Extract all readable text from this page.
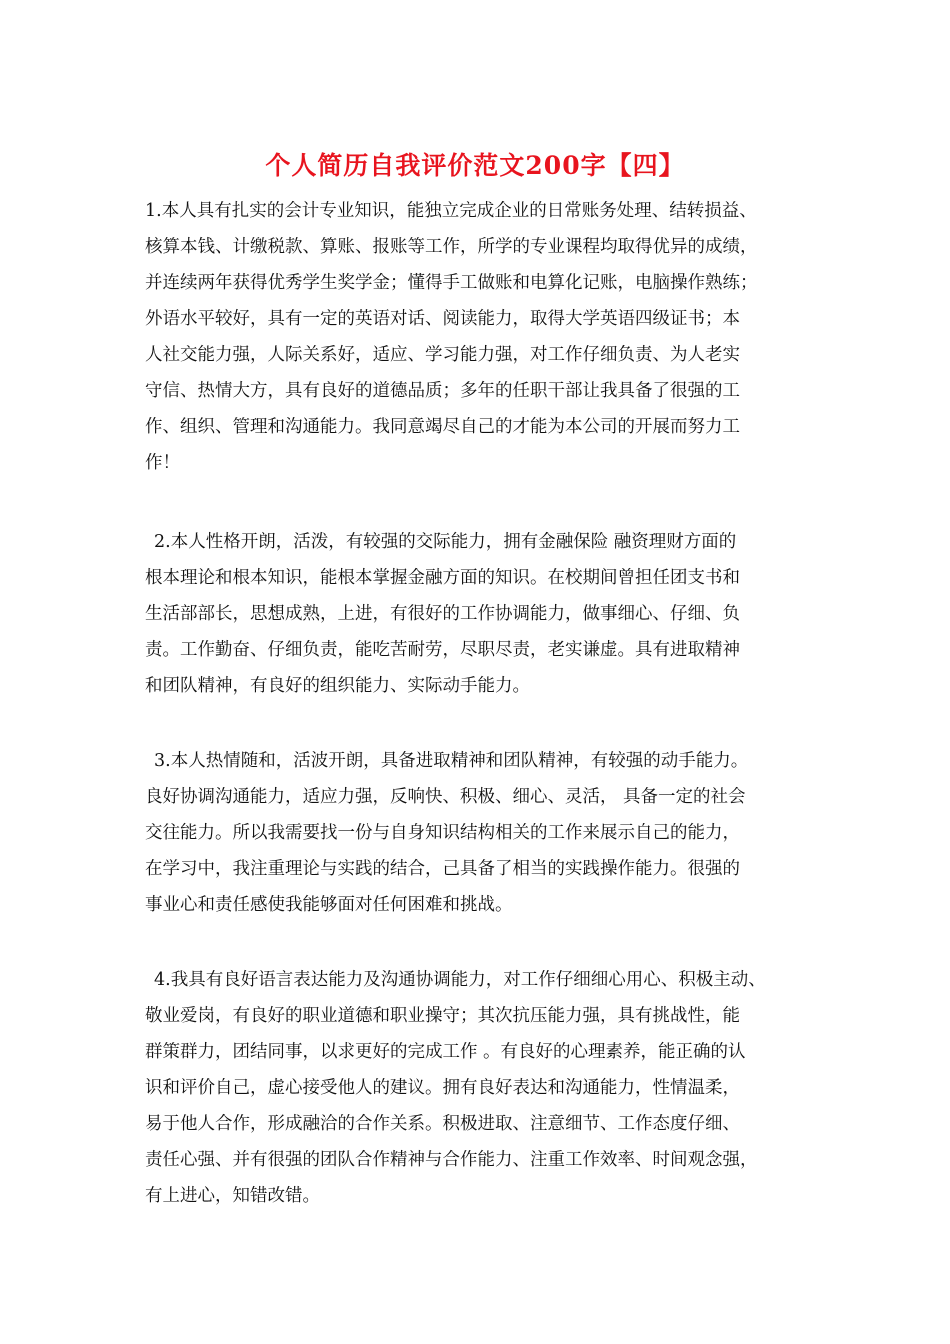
个人简历自我评价范文200字【四】
1.本人具有扎实的会计专业知识，能独立完成企业的日常账务处理、结转损益、
核算本钱、计缴税款、算账、报账等工作，所学的专业课程均取得优异的成绩，
并连续两年获得优秀学生奖学金；懂得手工做账和电算化记账，电脑操作熟练；
外语水平较好，具有一定的英语对话、阅读能力，取得大学英语四级证书；本
人社交能力强，人际关系好，适应、学习能力强，对工作仔细负责、为人老实
守信、热情大方，具有良好的道德品质；多年的任职干部让我具备了很强的工
作、组织、管理和沟通能力。我同意竭尽自己的才能为本公司的开展而努力工
作！
2.本人性格开朗，活泼，有较强的交际能力，拥有金融保险 融资理财方面的
根本理论和根本知识，能根本掌握金融方面的知识。在校期间曾担任团支书和
生活部部长，思想成熟，上进，有很好的工作协调能力，做事细心、仔细、负
责。工作勤奋、仔细负责，能吃苦耐劳，尽职尽责，老实谦虚。具有进取精神
和团队精神，有良好的组织能力、实际动手能力。
3.本人热情随和，活波开朗，具备进取精神和团队精神，有较强的动手能力。
良好协调沟通能力，适应力强，反响快、积极、细心、灵活， 具备一定的社会
交往能力。所以我需要找一份与自身知识结构相关的工作来展示自己的能力，
在学习中，我注重理论与实践的结合，己具备了相当的实践操作能力。很强的
事业心和责任感使我能够面对任何困难和挑战。
4.我具有良好语言表达能力及沟通协调能力，对工作仔细细心用心、积极主动、
敬业爱岗，有良好的职业道德和职业操守；其次抗压能力强，具有挑战性，能
群策群力，团结同事，以求更好的完成工作 。有良好的心理素养，能正确的认
识和评价自己，虚心接受他人的建议。拥有良好表达和沟通能力，性情温柔，
易于他人合作，形成融洽的合作关系。积极进取、注意细节、工作态度仔细、
责任心强、并有很强的团队合作精神与合作能力、注重工作效率、时间观念强，
有上进心，知错改错。
